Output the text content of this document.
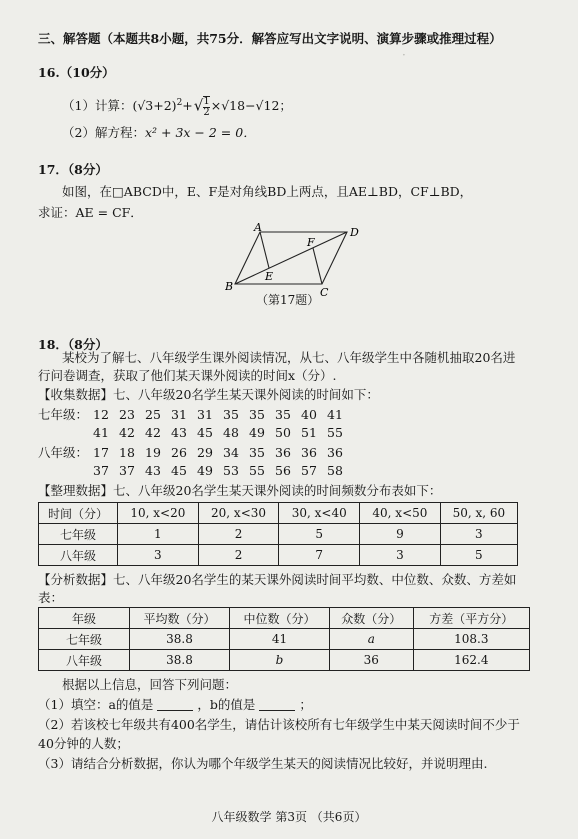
·
三、解答题（本题共8小题，共75分．解答应写出文字说明、演算步骤或推理过程）
16.（10分）
（1）计算：$(√3+2)^2+√ \frac{1}{2} \times√18-√12$；
（2）解方程：x² + 3x − 2 = 0．
17．（8分）
如图，在□ABCD中，E、F是对角线BD上两点，且AE⊥BD，CF⊥BD，
求证：AE = CF．
A	D
B	C
E
F
（第17题）
18．（8分）
某校为了解七、八年级学生课外阅读情况，从七、八年级学生中各随机抽取20名进
行问卷调查，获取了他们某天课外阅读的时间x（分）.
【收集数据】七、八年级20名学生某天课外阅读的时间如下：
七年级： 12 23 25 31 31 35 35 35 40 41
41 42 42 43 45 48 49 50 51 55
八年级： 17 18 19 26 29 34 35 36 36 36
37 37 43 45 49 53 55 56 57 58
【整理数据】七、八年级20名学生某天课外阅读的时间频数分布表如下：
时间（分）	10, x<20	20, x<30	30, x<40	40, x<50	50, x, 60
七年级	1	2	5	9	3
八年级	3	2	7	3	5
【分析数据】七、八年级20名学生的某天课外阅读时间平均数、中位数、众数、方差如
表：
年级	平均数（分）	中位数（分）	众数（分）	方差（平方分）
七年级	38.8	41	a	108.3
八年级	38.8	b	36	162.4
根据以上信息，回答下列问题：
（1）填空：a的值是	，b的值是	；
（2）若该校七年级共有400名学生，请估计该校所有七年级学生中某天阅读时间不少于
40分钟的人数；
（3）请结合分析数据，你认为哪个年级学生某天的阅读情况比较好，并说明理由.
八年级数学 第3页 （共6页）
